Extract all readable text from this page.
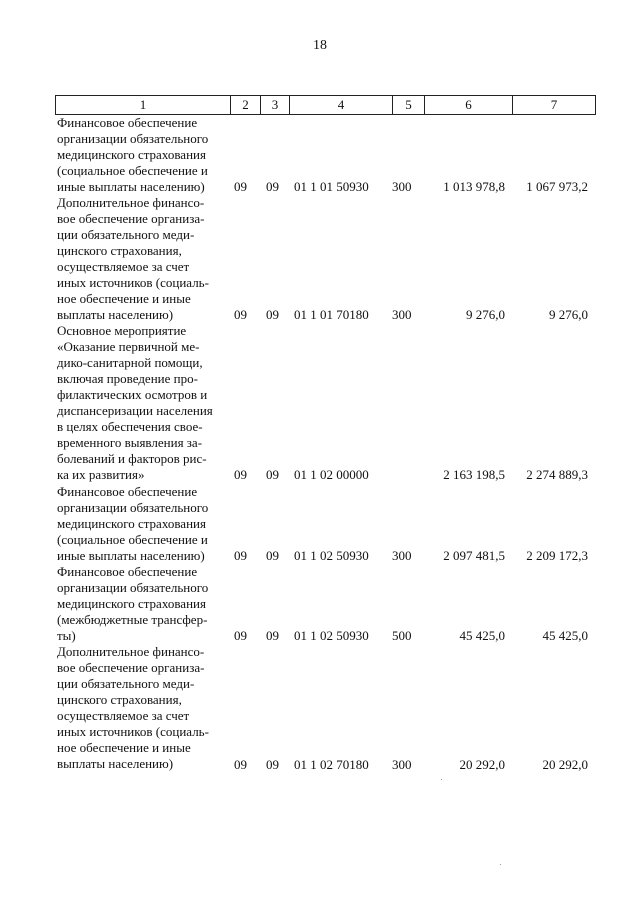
18
1	2	3	4	5	6	7
Финансовое обеспечение
организации обязательного
медицинского страхования
(социальное обеспечение и
иные выплаты населению)	09 09 01 1 01 50930 300	1 013 978,8	1 067 973,2
Дополнительное финансо-
вое обеспечение организа-
ции обязательного меди-
цинского страхования,
осуществляемое за счет
иных источников (социаль-
ное обеспечение и иные
выплаты населению)	09 09 01 1 01 70180 300	9 276,0	9 276,0
Основное мероприятие
«Оказание первичной ме-
дико-санитарной помощи,
включая проведение про-
филактических осмотров и
диспансеризации населения
в целях обеспечения свое-
временного выявления за-
болеваний и факторов рис-
ка их развития»	09 09 01 1 02 00000	2 163 198,5	2 274 889,3
Финансовое обеспечение
организации обязательного
медицинского страхования
(социальное обеспечение и
иные выплаты населению)	09 09 01 1 02 50930 300	2 097 481,5	2 209 172,3
Финансовое обеспечение
организации обязательного
медицинского страхования
(межбюджетные трансфер-
ты)	09 09 01 1 02 50930 500	45 425,0	45 425,0
Дополнительное финансо-
вое обеспечение организа-
ции обязательного меди-
цинского страхования,
осуществляемое за счет
иных источников (социаль-
ное обеспечение и иные
выплаты населению)	09 09 01 1 02 70180 300	20 292,0	20 292,0
